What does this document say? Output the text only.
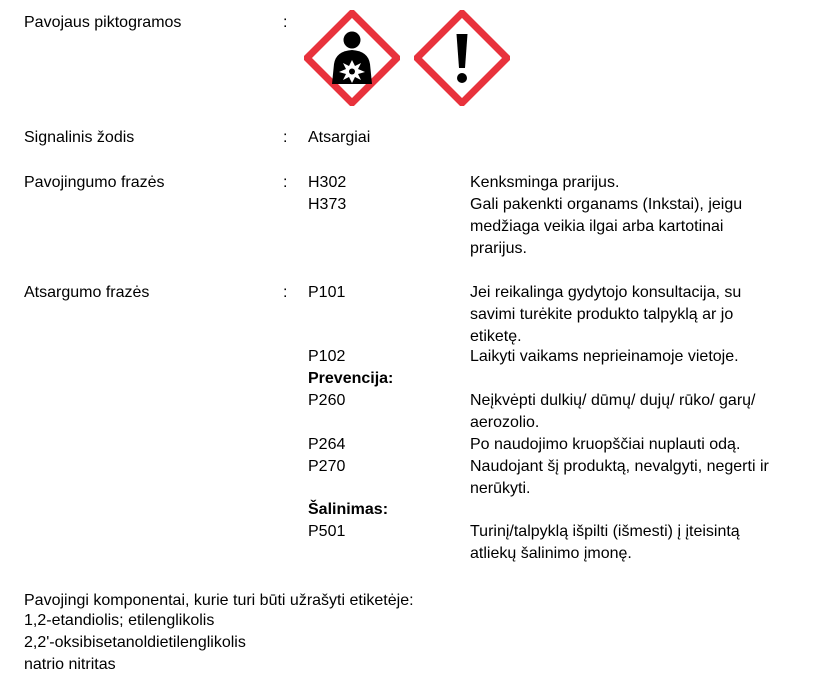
Pavojaus piktogramos	:
Signalinis žodis	: Atsargiai
Pavojingumo frazės	: H302	Kenksminga prarijus.
H373	Gali pakenkti organams (Inkstai), jeigu
medžiaga veikia ilgai arba kartotinai
prarijus.
Atsargumo frazės	: P101	Jei reikalinga gydytojo konsultacija, su
savimi turėkite produkto talpyklą ar jo
etiketę.
P102	Laikyti vaikams neprieinamoje vietoje.
Prevencija:
P260	Neįkvėpti dulkių/ dūmų/ dujų/ rūko/ garų/
aerozolio.
P264	Po naudojimo kruopščiai nuplauti odą.
P270	Naudojant šį produktą, nevalgyti, negerti ir
nerūkyti.
Šalinimas:
P501	Turinį/talpyklą išpilti (išmesti) į įteisintą
atliekų šalinimo įmonę.
Pavojingi komponentai, kurie turi būti užrašyti etiketėje:
1,2-etandiolis; etilenglikolis
2,2'-oksibisetanoldietilenglikolis
natrio nitritas
